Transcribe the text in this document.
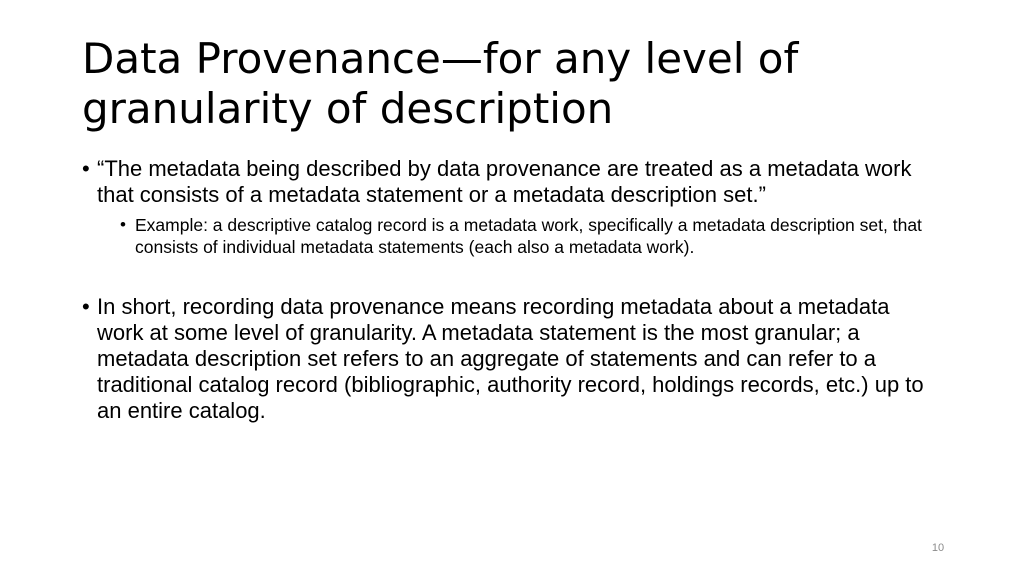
Data Provenance—for any level of
granularity of description
• “The metadata being described by data provenance are treated as a metadata work that consists of a metadata statement or a metadata description set.”
• Example: a descriptive catalog record is a metadata work, specifically a metadata description set, that consists of individual metadata statements (each also a metadata work).
• In short, recording data provenance means recording metadata about a metadata work at some level of granularity. A metadata statement is the most granular; a metadata description set refers to an aggregate of statements and can refer to a traditional catalog record (bibliographic, authority record, holdings records, etc.) up to an entire catalog.
10
